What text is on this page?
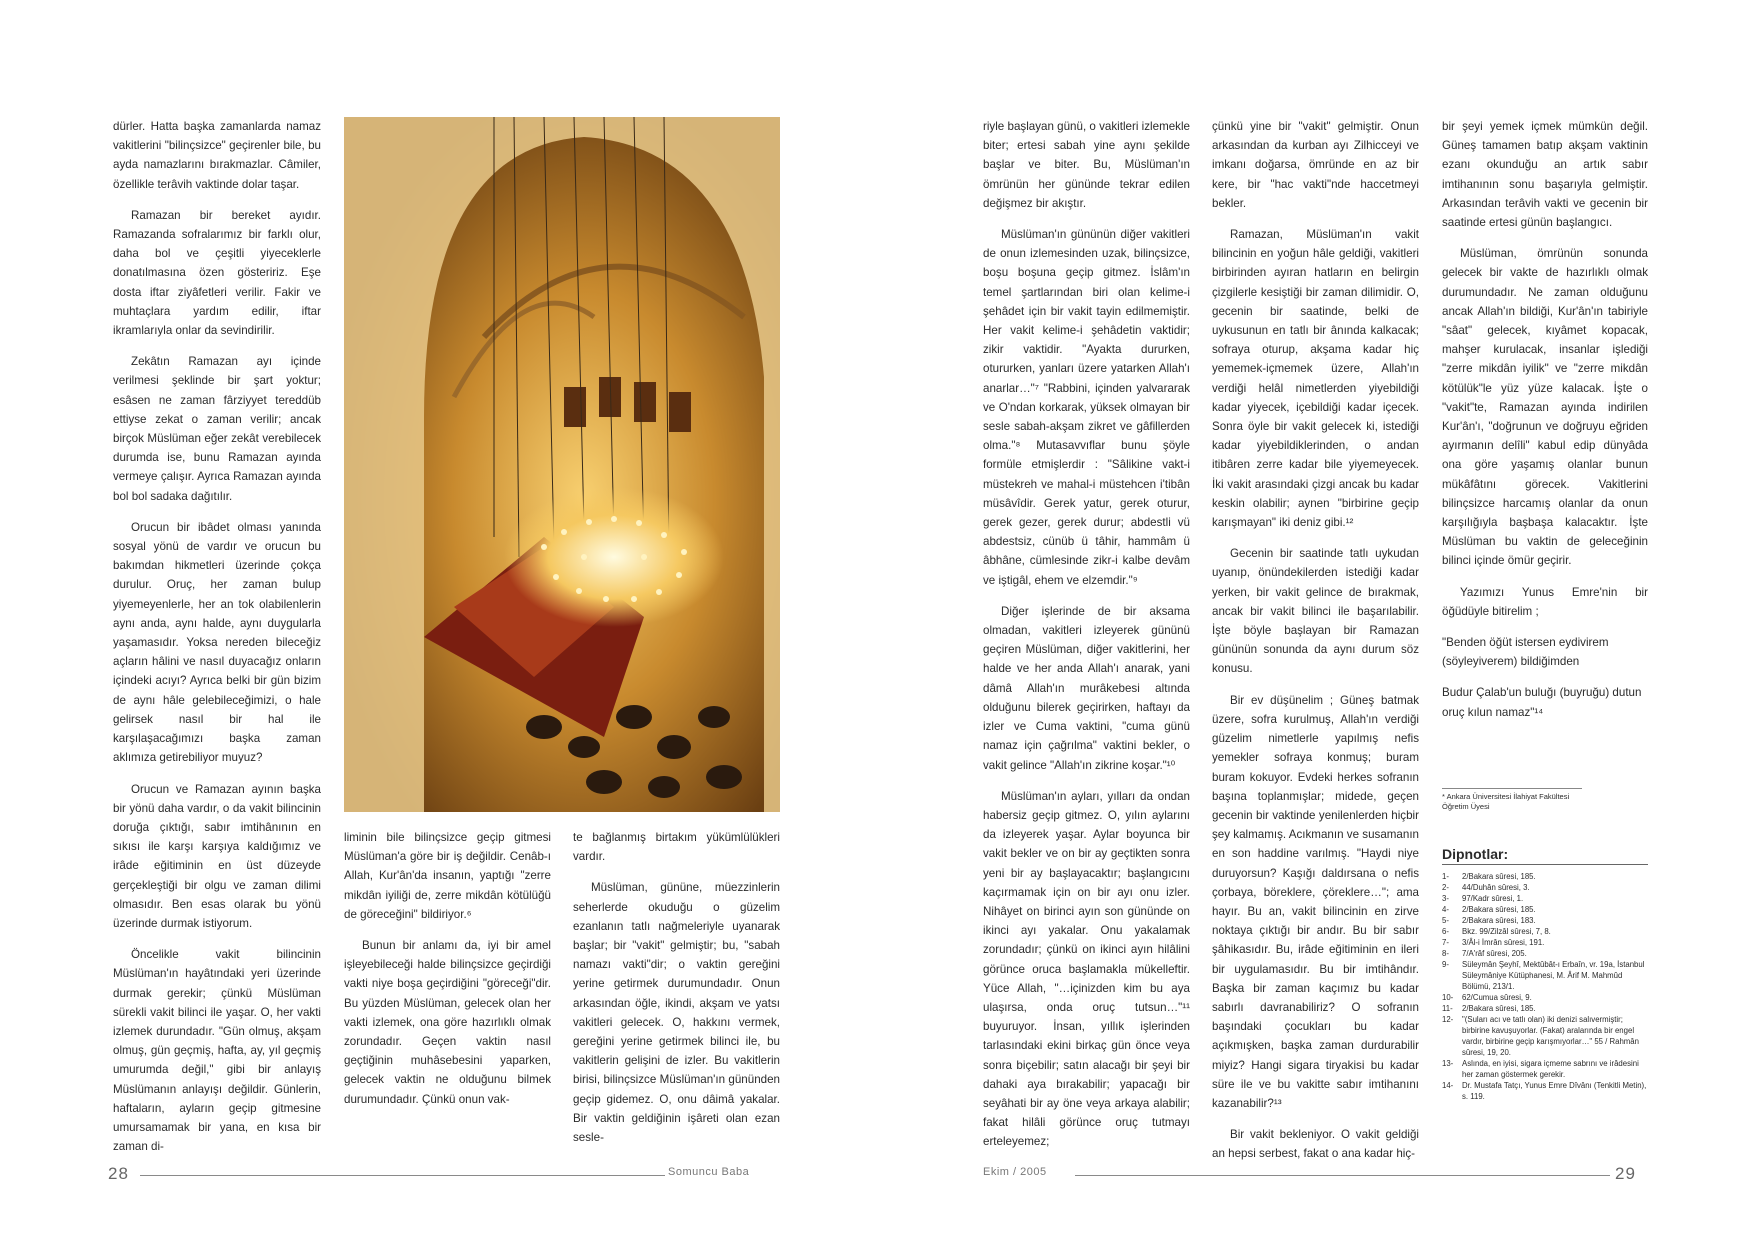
dürler. Hatta başka zamanlarda namaz vakitlerini "bilinçsizce" geçirenler bile, bu ayda namazlarını bırakmazlar. Câmiler, özellikle terâvih vaktinde dolar taşar.

Ramazan bir bereket ayıdır. Ramazanda sofralarımız bir farklı olur, daha bol ve çeşitli yiyeceklerle donatılmasına özen gösteririz. Eşe dosta iftar ziyâfetleri verilir. Fakir ve muhtaçlara yardım edilir, iftar ikramlarıyla onlar da sevindirilir.

Zekâtın Ramazan ayı içinde verilmesi şeklinde bir şart yoktur; esâsen ne zaman fârziyyet tereddüb ettiyse zekat o zaman verilir; ancak birçok Müslüman eğer zekât verebilecek durumda ise, bunu Ramazan ayında vermeye çalışır. Ayrıca Ramazan ayında bol bol sadaka dağıtılır.

Orucun bir ibâdet olması yanında sosyal yönü de vardır ve orucun bu bakımdan hikmetleri üzerinde çokça durulur. Oruç, her zaman bulup yiyemeyenlerle, her an tok olabilenlerin aynı anda, aynı halde, aynı duygularla yaşamasıdır. Yoksa nereden bileceğiz açların hâlini ve nasıl duyacağız onların içindeki acıyı? Ayrıca belki bir gün bizim de aynı hâle gelebileceğimizi, o hale gelirsek nasıl bir hal ile karşılaşacağımızı başka zaman aklımıza getirebiliyor muyuz?

Orucun ve Ramazan ayının başka bir yönü daha vardır, o da vakit bilincinin doruğa çıktığı, sabır imtihânının en sıkısı ile karşı karşıya kaldığımız ve irâde eğitiminin en üst düzeyde gerçekleştiği bir olgu ve zaman dilimi olmasıdır. Ben esas olarak bu yönü üzerinde durmak istiyorum.

Öncelikle vakit bilincinin Müslüman'ın hayâtındaki yeri üzerinde durmak gerekir; çünkü Müslüman sürekli vakit bilinci ile yaşar. O, her vakti izlemek durundadır. "Gün olmuş, akşam olmuş, gün geçmiş, hafta, ay, yıl geçmiş umurumda değil," gibi bir anlayış Müslümanın anlayışı değildir. Günlerin, haftaların, ayların geçip gitmesine umursamamak bir yana, en kısa bir zaman di-

liminin bile bilinçsizce geçip gitmesi Müslüman'a göre bir iş değildir. Cenâb-ı Allah, Kur'ân'da insanın, yaptığı "zerre mikdân iyiliği de, zerre mikdân kötülüğü de göreceğini" bildiriyor.⁶

Bunun bir anlamı da, iyi bir amel işleyebileceği halde bilinçsizce geçirdiği vakti niye boşa geçirdiğini "göreceği"dir. Bu yüzden Müslüman, gelecek olan her vakti izlemek, ona göre hazırlıklı olmak zorundadır. Geçen vaktin nasıl geçtiğinin muhâsebesini yaparken, gelecek vaktin ne olduğunu bilmek durumundadır. Çünkü onun vak-

te bağlanmış birtakım yükümlülükleri vardır.

Müslüman, gününe, müezzinlerin seherlerde okuduğu o güzelim ezanlanın tatlı nağmeleriyle uyanarak başlar; bir "vakit" gelmiştir; bu, "sabah namazı vakti"dir; o vaktin gereğini yerine getirmek durumundadır. Onun arkasından öğle, ikindi, akşam ve yatsı vakitleri gelecek. O, hakkını vermek, gereğini yerine getirmek bilinci ile, bu vakitlerin gelişini de izler. Bu vakitlerin birisi, bilinçsizce Müslüman'ın gününden geçip gidemez. O, onu dâimâ yakalar. Bir vaktin geldiğinin işâreti olan ezan sesle-

28	Somuncu Baba

riyle başlayan günü, o vakitleri izlemekle biter; ertesi sabah yine aynı şekilde başlar ve biter. Bu, Müslüman'ın ömrünün her gününde tekrar edilen değişmez bir akıştır.

Müslüman'ın gününün diğer vakitleri de onun izlemesinden uzak, bilinçsizce, boşu boşuna geçip gitmez. İslâm'ın temel şartlarından biri olan kelime-i şehâdet için bir vakit tayin edilmemiştir. Her vakit kelime-i şehâdetin vaktidir; zikir vaktidir. "Ayakta dururken, otururken, yanları üzere yatarken Allah'ı anarlar…"⁷ "Rabbini, içinden yalvararak ve O'ndan korkarak, yüksek olmayan bir sesle sabah-akşam zikret ve gâfillerden olma."⁸ Mutasavvıflar bunu şöyle formüle etmişlerdir : "Sâlikine vakt-i müstekreh ve mahal-i müstehcen i'tibân müsâvîdir. Gerek yatur, gerek oturur, gerek gezer, gerek durur; abdestli vü abdestsiz, cünüb ü tâhir, hammâm ü âbhâne, cümlesinde zikr-i kalbe devâm ve iştigâl, ehem ve elzemdir."⁹

Diğer işlerinde de bir aksama olmadan, vakitleri izleyerek gününü geçiren Müslüman, diğer vakitlerini, her halde ve her anda Allah'ı anarak, yani dâmâ Allah'ın murâkebesi altında olduğunu bilerek geçirirken, haftayı da izler ve Cuma vaktini, "cuma günü namaz için çağrılma" vaktini bekler, o vakit gelince "Allah'ın zikrine koşar."¹⁰

Müslüman'ın ayları, yılları da ondan habersiz geçip gitmez. O, yılın aylarını da izleyerek yaşar. Aylar boyunca bir vakit bekler ve on bir ay geçtikten sonra yeni bir ay başlayacaktır; başlangıcını kaçırmamak için on bir ayı onu izler. Nihâyet on birinci ayın son gününde on ikinci ayı yakalar. Onu yakalamak zorundadır; çünkü on ikinci ayın hilâlini görünce oruca başlamakla mükelleftir. Yüce Allah, "…içinizden kim bu aya ulaşırsa, onda oruç tutsun…"¹¹ buyuruyor. İnsan, yıllık işlerinden tarlasındaki ekini birkaç gün önce veya sonra biçebilir; satın alacağı bir şeyi bir dahaki aya bırakabilir; yapacağı bir seyâhati bir ay öne veya arkaya alabilir; fakat hilâli görünce oruç tutmayı erteleyemez;

çünkü yine bir "vakit" gelmiştir. Onun arkasından da kurban ayı Zilhicceyi ve imkanı doğarsa, ömründe en az bir kere, bir "hac vakti"nde haccetmeyi bekler.

Ramazan, Müslüman'ın vakit bilincinin en yoğun hâle geldiği, vakitleri birbirinden ayıran hatların en belirgin çizgilerle kesiştiği bir zaman dilimidir. O, gecenin bir saatinde, belki de uykusunun en tatlı bir ânında kalkacak; sofraya oturup, akşama kadar hiç yememek-içmemek üzere, Allah'ın verdiği helâl nimetlerden yiyebildiği kadar yiyecek, içebildiği kadar içecek. Sonra öyle bir vakit gelecek ki, istediği kadar yiyebildiklerinden, o andan itibâren zerre kadar bile yiyemeyecek. İki vakit arasındaki çizgi ancak bu kadar keskin olabilir; aynen "birbirine geçip karışmayan" iki deniz gibi.¹²

Gecenin bir saatinde tatlı uykudan uyanıp, önündekilerden istediği kadar yerken, bir vakit gelince de bırakmak, ancak bir vakit bilinci ile başarılabilir. İşte böyle başlayan bir Ramazan gününün sonunda da aynı durum söz konusu.

Bir ev düşünelim ; Güneş batmak üzere, sofra kurulmuş, Allah'ın verdiği güzelim nimetlerle yapılmış nefis yemekler sofraya konmuş; buram buram kokuyor. Evdeki herkes sofranın başına toplanmışlar; midede, geçen gecenin bir vaktinde yenilenlerden hiçbir şey kalmamış. Acıkmanın ve susamanın en son haddine varılmış. "Haydi niye duruyorsun? Kaşığı daldırsana o nefis çorbaya, böreklere, çöreklere…"; ama hayır. Bu an, vakit bilincinin en zirve noktaya çıktığı bir andır. Bu bir sabır şâhikasıdır. Bu, irâde eğitiminin en ileri bir uygulamasıdır. Bu bir imtihândır. Başka bir zaman kaçımız bu kadar sabırlı davranabiliriz? O sofranın başındaki çocukları bu kadar açıkmışken, başka zaman durdurabilir miyiz? Hangi sigara tiryakisi bu kadar süre ile ve bu vakitte sabır imtihanını kazanabilir?¹³

Bir vakit bekleniyor. O vakit geldiği an hepsi serbest, fakat o ana kadar hiç-

bir şeyi yemek içmek mümkün değil. Güneş tamamen batıp akşam vaktinin ezanı okunduğu an artık sabır imtihanının sonu başarıyla gelmiştir. Arkasından terâvih vakti ve gecenin bir saatinde ertesi günün başlangıcı.

Müslüman, ömrünün sonunda gelecek bir vakte de hazırlıklı olmak durumundadır. Ne zaman olduğunu ancak Allah'ın bildiği, Kur'ân'ın tabiriyle "sâat" gelecek, kıyâmet kopacak, mahşer kurulacak, insanlar işlediği "zerre mikdân iyilik" ve "zerre mikdân kötülük"le yüz yüze kalacak. İşte o "vakit"te, Ramazan ayında indirilen Kur'ân'ı, "doğrunun ve doğruyu eğriden ayırmanın delîli" kabul edip dünyâda ona göre yaşamış olanlar bunun mükâfâtını görecek. Vakitlerini bilinçsizce harcamış olanlar da onun karşılığıyla başbaşa kalacaktır. İşte Müslüman bu vaktin de geleceğinin bilinci içinde ömür geçirir.

Yazımızı Yunus Emre'nin bir öğüdüyle bitirelim ;

"Benden öğüt istersen eydivirem (söyleyiverem) bildiğimden

Budur Çalab'un buluğı (buyruğu) dutun oruç kılun namaz"¹⁴

* Ankara Üniversitesi İlahiyat Fakültesi Öğretim Üyesi

Dipnotlar:

1-	2/Bakara sûresi, 185.
2-	44/Duhân sûresi, 3.
3-	97/Kadr sûresi, 1.
4-	2/Bakara sûresi, 185.
5-	2/Bakara sûresi, 183.
6-	Bkz. 99/Zilzâl sûresi, 7, 8.
7-	3/Âl-i İmrân sûresi, 191.
8-	7/A'râf sûresi, 205.
9-	Süleymân Şeyhî, Mektûbât-ı Erbaîn, vr. 19a, İstanbul Süleymâniye Kütüphanesi, M. Ârif M. Mahmûd Bölümü, 213/1.
10-	62/Cumua sûresi, 9.
11-	2/Bakara sûresi, 185.
12-	"(Suları acı ve tatlı olan) iki denizi salıvermiştir; birbirine kavuşuyorlar. (Fakat) aralarında bir engel vardır, birbirine geçip karışmıyorlar…" 55 / Rahmân sûresi, 19, 20.
13-	Aslında, en iyisi, sigara içmeme sabrını ve irâdesini her zaman göstermek gerekir.
14-	Dr. Mustafa Tatçı, Yunus Emre Dîvânı (Tenkitli Metin), s. 119.
Ekim / 2005	29
